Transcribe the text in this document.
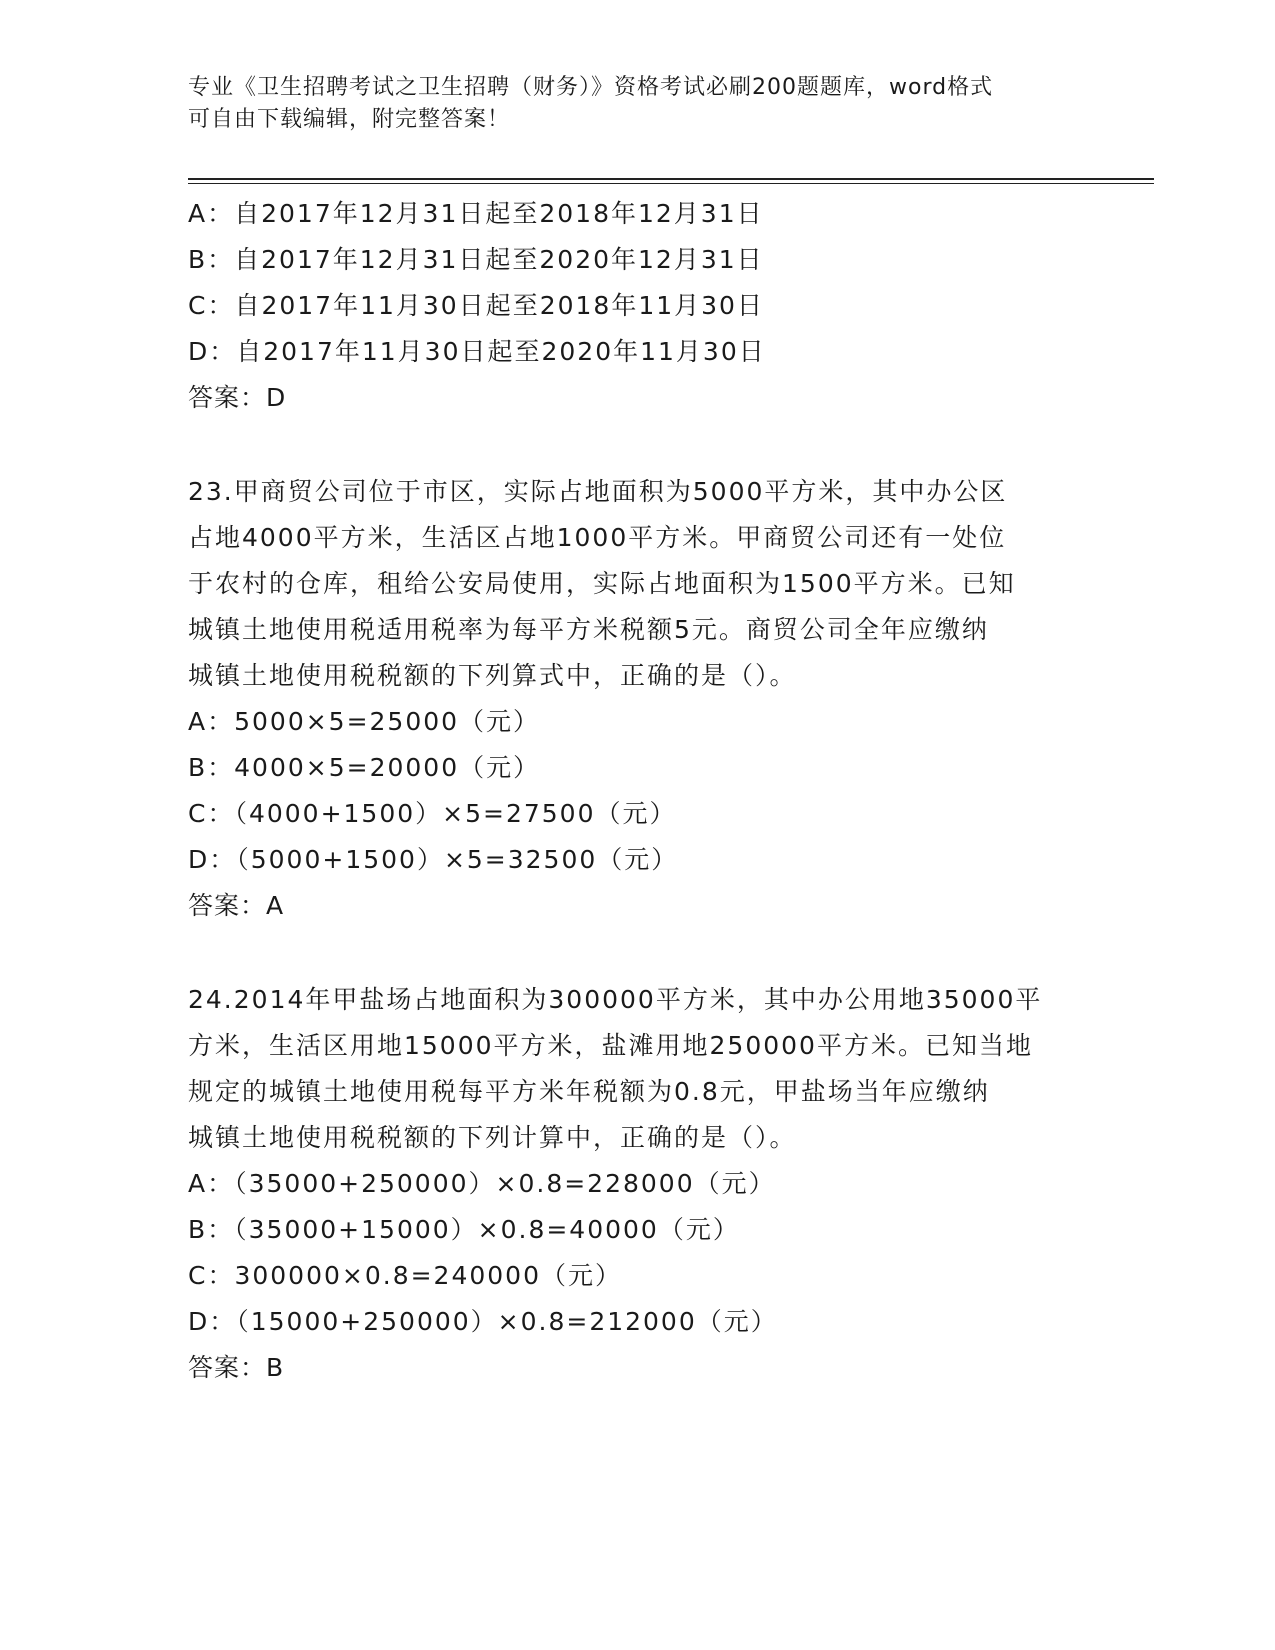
专业《卫生招聘考试之卫生招聘（财务）》资格考试必刷200题题库，word格式
可自由下载编辑，附完整答案！
A：自2017年12月31日起至2018年12月31日
B：自2017年12月31日起至2020年12月31日
C：自2017年11月30日起至2018年11月30日
D：自2017年11月30日起至2020年11月30日
答案：D
23.甲商贸公司位于市区，实际占地面积为5000平方米，其中办公区
占地4000平方米，生活区占地1000平方米。甲商贸公司还有一处位
于农村的仓库，租给公安局使用，实际占地面积为1500平方米。已知
城镇土地使用税适用税率为每平方米税额5元。商贸公司全年应缴纳
城镇土地使用税税额的下列算式中，正确的是（）。
A：5000×5=25000（元）
B：4000×5=20000（元）
C：（4000+1500）×5=27500（元）
D：（5000+1500）×5=32500（元）
答案：A
24.2014年甲盐场占地面积为300000平方米，其中办公用地35000平
方米，生活区用地15000平方米，盐滩用地250000平方米。已知当地
规定的城镇土地使用税每平方米年税额为0.8元，甲盐场当年应缴纳
城镇土地使用税税额的下列计算中，正确的是（）。
A：（35000+250000）×0.8=228000（元）
B：（35000+15000）×0.8=40000（元）
C：300000×0.8=240000（元）
D：（15000+250000）×0.8=212000（元）
答案：B
